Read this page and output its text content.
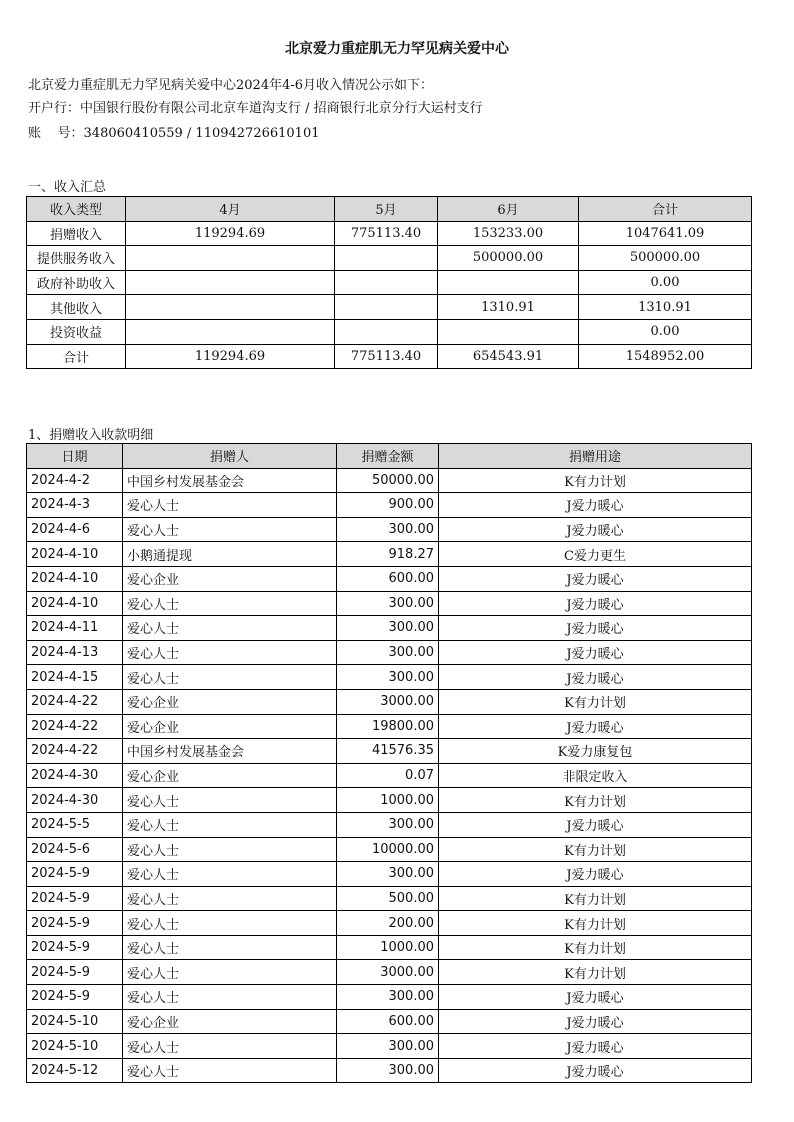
北京爱力重症肌无力罕见病关爱中心
北京爱力重症肌无力罕见病关爱中心2024年4-6月收入情况公示如下：
开户行：中国银行股份有限公司北京车道沟支行 / 招商银行北京分行大运村支行
账    号：348060410559 / 110942726610101
一、收入汇总
收入类型	4月	5月	6月	合计
捐赠收入	119294.69	775113.40	153233.00	1047641.09
提供服务收入			500000.00	500000.00
政府补助收入				0.00
其他收入			1310.91	1310.91
投资收益				0.00
合计	119294.69	775113.40	654543.91	1548952.00
1、捐赠收入收款明细
日期	捐赠人	捐赠金额	捐赠用途
2024-4-2	中国乡村发展基金会	50000.00	K有力计划
2024-4-3	爱心人士	900.00	J爱力暖心
2024-4-6	爱心人士	300.00	J爱力暖心
2024-4-10	小鹅通提现	918.27	C爱力更生
2024-4-10	爱心企业	600.00	J爱力暖心
2024-4-10	爱心人士	300.00	J爱力暖心
2024-4-11	爱心人士	300.00	J爱力暖心
2024-4-13	爱心人士	300.00	J爱力暖心
2024-4-15	爱心人士	300.00	J爱力暖心
2024-4-22	爱心企业	3000.00	K有力计划
2024-4-22	爱心企业	19800.00	J爱力暖心
2024-4-22	中国乡村发展基金会	41576.35	K爱力康复包
2024-4-30	爱心企业	0.07	非限定收入
2024-4-30	爱心人士	1000.00	K有力计划
2024-5-5	爱心人士	300.00	J爱力暖心
2024-5-6	爱心人士	10000.00	K有力计划
2024-5-9	爱心人士	300.00	J爱力暖心
2024-5-9	爱心人士	500.00	K有力计划
2024-5-9	爱心人士	200.00	K有力计划
2024-5-9	爱心人士	1000.00	K有力计划
2024-5-9	爱心人士	3000.00	K有力计划
2024-5-9	爱心人士	300.00	J爱力暖心
2024-5-10	爱心企业	600.00	J爱力暖心
2024-5-10	爱心人士	300.00	J爱力暖心
2024-5-12	爱心人士	300.00	J爱力暖心
